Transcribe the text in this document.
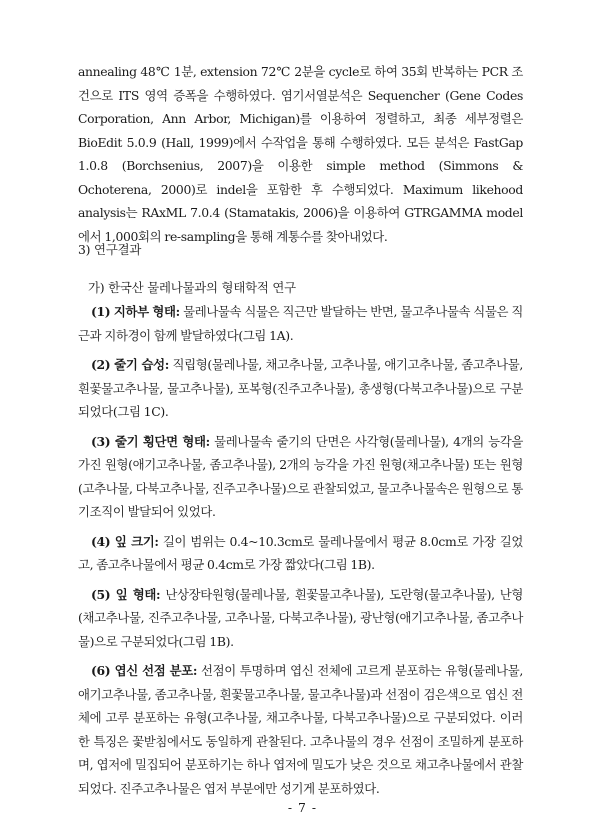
annealing 48℃ 1분, extension 72℃ 2분을 cycle로 하여 35회 반복하는 PCR 조건으로 ITS 영역 증폭을 수행하였다. 염기서열분석은 Sequencher (Gene Codes Corporation, Ann Arbor, Michigan)를 이용하여 정렬하고, 최종 세부정렬은 BioEdit 5.0.9 (Hall, 1999)에서 수작업을 통해 수행하였다. 모든 분석은 FastGap 1.0.8 (Borchsenius, 2007)을 이용한 simple method (Simmons & Ochoterena, 2000)로 indel을 포함한 후 수행되었다. Maximum likehood analysis는 RAxML 7.0.4 (Stamatakis, 2006)을 이용하여 GTRGAMMA model에서 1,000회의 re-sampling을 통해 계통수를 찾아내었다.

3) 연구결과
가) 한국산 물레나물과의 형태학적 연구

(1) 지하부 형태: 물레나물속 식물은 직근만 발달하는 반면, 물고추나물속 식물은 직근과 지하경이 함께 발달하였다(그림 1A).

(2) 줄기 습성: 직립형(물레나물, 채고추나물, 고추나물, 애기고추나물, 좀고추나물, 흰꽃물고추나물, 물고추나물), 포복형(진주고추나물), 총생형(다북고추나물)으로 구분되었다(그림 1C).

(3) 줄기 횡단면 형태: 물레나물속 줄기의 단면은 사각형(물레나물), 4개의 능각을 가진 원형(애기고추나물, 좀고추나물), 2개의 능각을 가진 원형(채고추나물) 또는 원형(고추나물, 다북고추나물, 진주고추나물)으로 관찰되었고, 물고추나물속은 원형으로 통기조직이 발달되어 있었다.

(4) 잎 크기: 길이 범위는 0.4~10.3cm로 물레나물에서 평균 8.0cm로 가장 길었고, 좀고추나물에서 평균 0.4cm로 가장 짧았다(그림 1B).

(5) 잎 형태: 난상장타원형(물레나물, 흰꽃물고추나물), 도란형(물고추나물), 난형(채고추나물, 진주고추나물, 고추나물, 다북고추나물), 광난형(애기고추나물, 좀고추나물)으로 구분되었다(그림 1B).

(6) 엽신 선점 분포: 선점이 투명하며 엽신 전체에 고르게 분포하는 유형(물레나물, 애기고추나물, 좀고추나물, 흰꽃물고추나물, 물고추나물)과 선점이 검은색으로 엽신 전체에 고루 분포하는 유형(고추나물, 채고추나물, 다북고추나물)으로 구분되었다. 이러한 특징은 꽃받침에서도 동일하게 관찰된다. 고추나물의 경우 선점이 조밀하게 분포하며, 엽저에 밀집되어 분포하기는 하나 엽저에 밀도가 낮은 것으로 채고추나물에서 관찰되었다. 진주고추나물은 엽저 부분에만 성기게 분포하였다.

- 7 -
